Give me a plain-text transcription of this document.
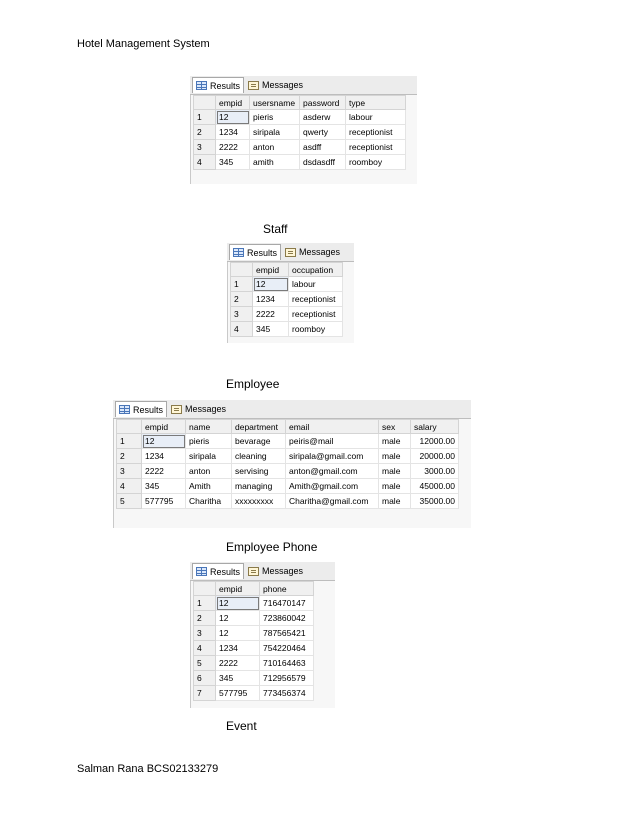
Hotel Management System
Results Messages
	empid	usersname	password	type
1	12	pieris	asderw	labour
2	1234	siripala	qwerty	receptionist
3	2222	anton	asdff	receptionist
4	345	amith	dsdasdff	roomboy
Staff
Results Messages
	empid	occupation
1	12	labour
2	1234	receptionist
3	2222	receptionist
4	345	roomboy
Employee
Results Messages
	empid	name	department	email	sex	salary
1	12	pieris	bevarage	peiris@mail	male	12000.00
2	1234	siripala	cleaning	siripala@gmail.com	male	20000.00
3	2222	anton	servising	anton@gmail.com	male	3000.00
4	345	Amith	managing	Amith@gmail.com	male	45000.00
5	577795	Charitha	xxxxxxxxx	Charitha@gmail.com	male	35000.00
Employee Phone
Results Messages
	empid	phone
1	12	716470147
2	12	723860042
3	12	787565421
4	1234	754220464
5	2222	710164463
6	345	712956579
7	577795	773456374
Event
Salman Rana BCS02133279
